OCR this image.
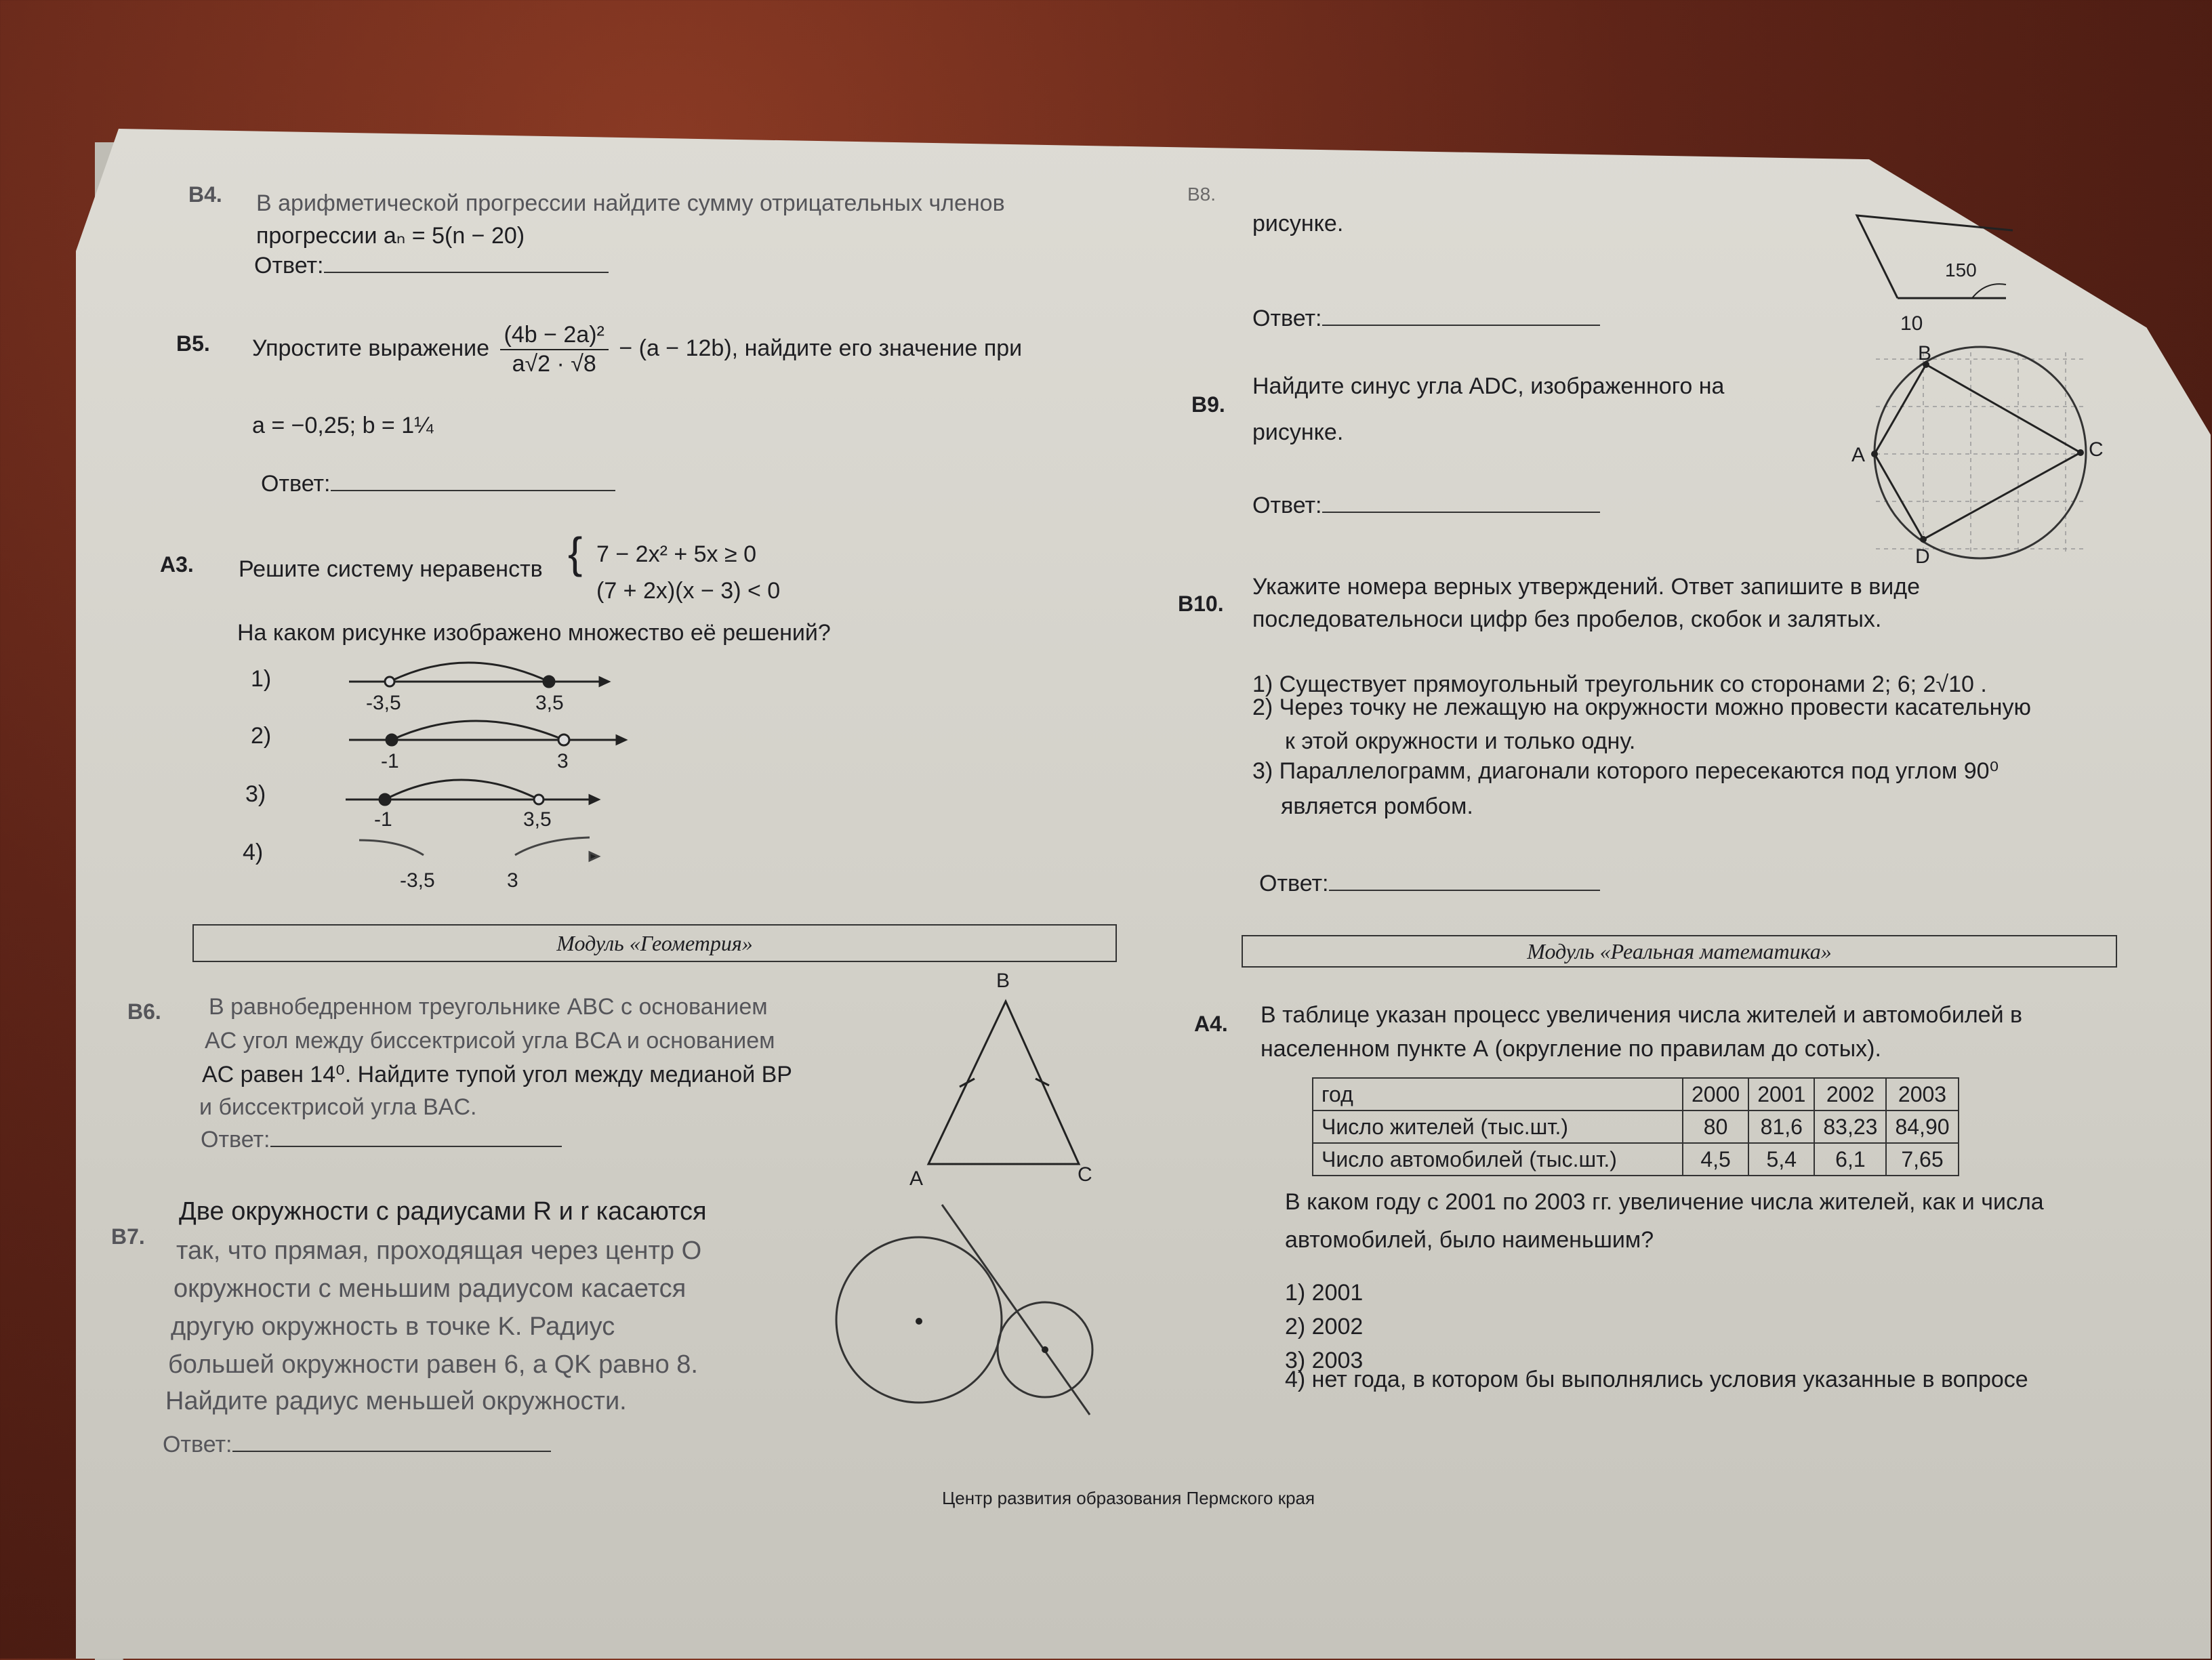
В4. В арифметической прогрессии найдите сумму отрицательных членов
прогрессии aₙ = 5(n − 20)
Ответ:
В5. Упростите выражение $\frac{\text{(4b − 2a)²}}{a√2 \cdot √8} - (a - 12b)$, найдите его значение при
a = −0,25; b = 1¼
Ответ:
А3. Решите систему неравенств { 7 − 2x² + 5x ≥ 0
(7 + 2x)(x − 3) < 0
На каком рисунке изображено множество её решений?
1)
2)
3)
4)
-3,5	3,5
-1	3
-1	3,5
-3,5	3
Модуль «Геометрия»
В6. В равнобедренном треугольнике ABC с основанием
AC угол между биссектрисой угла BCA и основанием
AC равен 14⁰. Найдите тупой угол между медианой BP
и биссектрисой угла BAC.
Ответ:
B
A	C
В7.
Две окружности с радиусами R и r касаются
так, что прямая, проходящая через центр O
окружности с меньшим радиусом касается
другую окружность в точке K. Радиус
большей окружности равен 6, а QK равно 8.
Найдите радиус меньшей окружности.
Ответ:
В8.
рисунке.
Ответ:
150
10
В9.
Найдите синус угла ADC, изображенного на
рисунке.
Ответ:
B
A	C
D
В10.
Укажите номера верных утверждений. Ответ запишите в виде
последовательноси цифр без пробелов, скобок и залятых.
1) Существует прямоугольный треугольник со сторонами 2; 6; 2√10 .
2) Через точку не лежащую на окружности можно провести касательную
к этой окружности и только одну.
3) Параллелограмм, диагонали которого пересекаются под углом 90⁰
является ромбом.
Ответ:
Модуль «Реальная математика»
А4. В таблице указан процесс увеличения числа жителей и автомобилей в
населенном пункте А (округление по правилам до сотых).
год	2000	2001	2002	2003
Число жителей (тыс.шт.)	80	81,6	83,23	84,90
Число автомобилей (тыс.шт.)	4,5	5,4	6,1	7,65
В каком году с 2001 по 2003 гг. увеличение числа жителей, как и числа
автомобилей, было наименьшим?
1) 2001
2) 2002
3) 2003
4) нет года, в котором бы выполнялись условия указанные в вопросе
Центр развития образования Пермского края
